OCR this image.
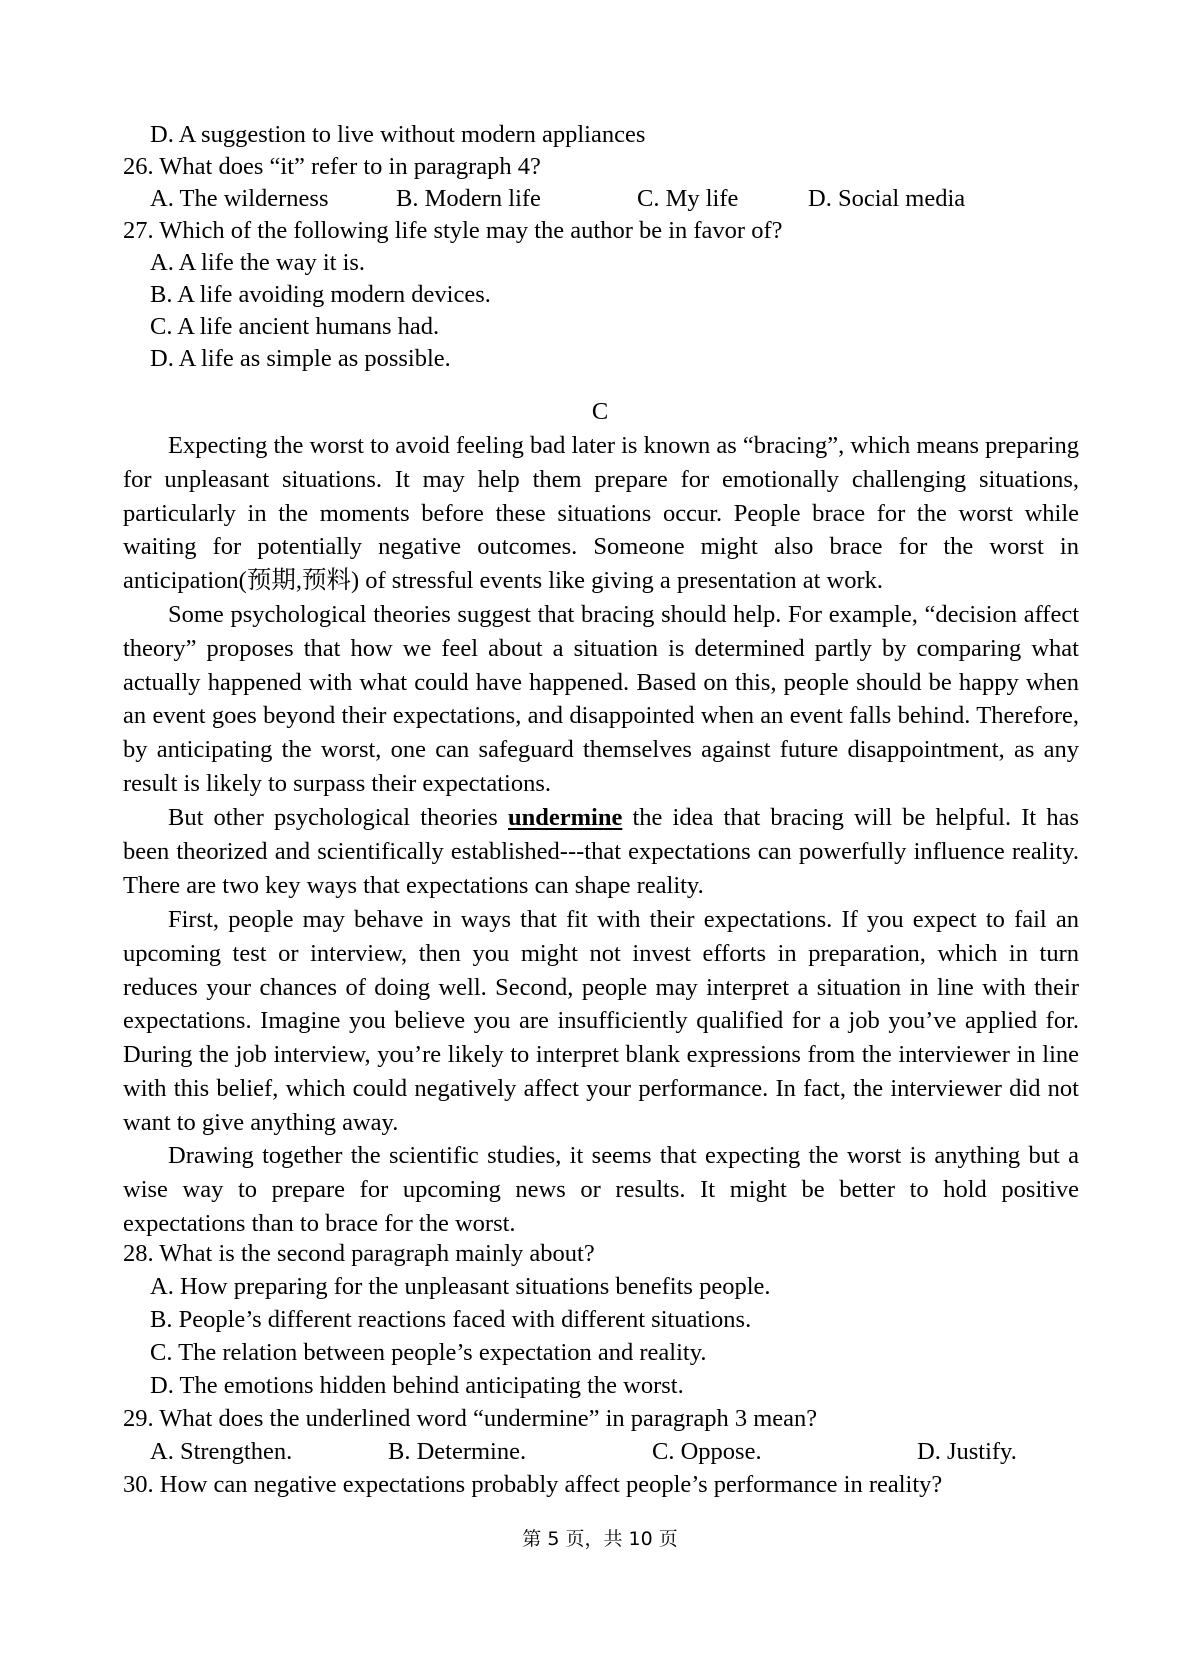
D. A suggestion to live without modern appliances
26. What does “it” refer to in paragraph 4?
A. The wilderness	B. Modern life	C. My life	D. Social media
27. Which of the following life style may the author be in favor of?
A. A life the way it is.
B. A life avoiding modern devices.
C. A life ancient humans had.
D. A life as simple as possible.
C

Expecting the worst to avoid feeling bad later is known as “bracing”, which means preparing for unpleasant situations. It may help them prepare for emotionally challenging situations, particularly in the moments before these situations occur. People brace for the worst while waiting for potentially negative outcomes. Someone might also brace for the worst in anticipation(预期,预料) of stressful events like giving a presentation at work.

Some psychological theories suggest that bracing should help. For example, “decision affect theory” proposes that how we feel about a situation is determined partly by comparing what actually happened with what could have happened. Based on this, people should be happy when an event goes beyond their expectations, and disappointed when an event falls behind. Therefore, by anticipating the worst, one can safeguard themselves against future disappointment, as any result is likely to surpass their expectations.

But other psychological theories undermine the idea that bracing will be helpful. It has been theorized and scientifically established---that expectations can powerfully influence reality. There are two key ways that expectations can shape reality.

First, people may behave in ways that fit with their expectations. If you expect to fail an upcoming test or interview, then you might not invest efforts in preparation, which in turn reduces your chances of doing well. Second, people may interpret a situation in line with their expectations. Imagine you believe you are insufficiently qualified for a job you’ve applied for. During the job interview, you’re likely to interpret blank expressions from the interviewer in line with this belief, which could negatively affect your performance. In fact, the interviewer did not want to give anything away.

Drawing together the scientific studies, it seems that expecting the worst is anything but a wise way to prepare for upcoming news or results. It might be better to hold positive expectations than to brace for the worst.

28. What is the second paragraph mainly about?
A. How preparing for the unpleasant situations benefits people.
B. People’s different reactions faced with different situations.
C. The relation between people’s expectation and reality.
D. The emotions hidden behind anticipating the worst.
29. What does the underlined word “undermine” in paragraph 3 mean?
A. Strengthen.	B. Determine.	C. Oppose.	D. Justify.
30. How can negative expectations probably affect people’s performance in reality?
第 5 页，共 10 页
